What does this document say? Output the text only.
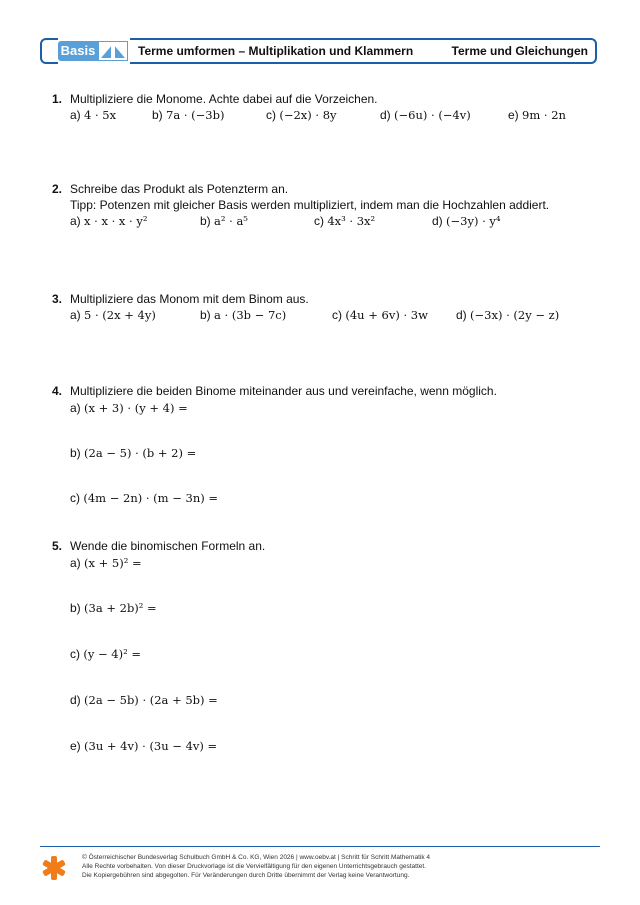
Basis	Terme umformen – Multiplikation und Klammern	Terme und Gleichungen
1. Multipliziere die Monome. Achte dabei auf die Vorzeichen.
a) 4 · 5x	b) 7a · (−3b)	c) (−2x) · 8y	d) (−6u) · (−4v)	e) 9m · 2n
2. Schreibe das Produkt als Potenzterm an.
Tipp: Potenzen mit gleicher Basis werden multipliziert, indem man die Hochzahlen addiert.
a) x · x · x · y²	b) a² · a⁵	c) 4x³ · 3x²	d) (−3y) · y⁴
3. Multipliziere das Monom mit dem Binom aus.
a) 5 · (2x + 4y)	b) a · (3b − 7c)	c) (4u + 6v) · 3w d) (−3x) · (2y − z)
4. Multipliziere die beiden Binome miteinander aus und vereinfache, wenn möglich.
a) (x + 3) · (y + 4) =
b) (2a − 5) · (b + 2) =
c) (4m − 2n) · (m − 3n) =
5. Wende die binomischen Formeln an.
a) (x + 5)² =
b) (3a + 2b)² =
c) (y − 4)² =
d) (2a − 5b) · (2a + 5b) =
e) (3u + 4v) · (3u − 4v) =
© Österreichischer Bundesverlag Schulbuch GmbH & Co. KG, Wien 2026 | www.oebv.at | Schritt für Schritt Mathematik 4
Alle Rechte vorbehalten. Von dieser Druckvorlage ist die Vervielfältigung für den eigenen Unterrichtsgebrauch gestattet.
Die Kopiergebühren sind abgegolten. Für Veränderungen durch Dritte übernimmt der Verlag keine Verantwortung.
